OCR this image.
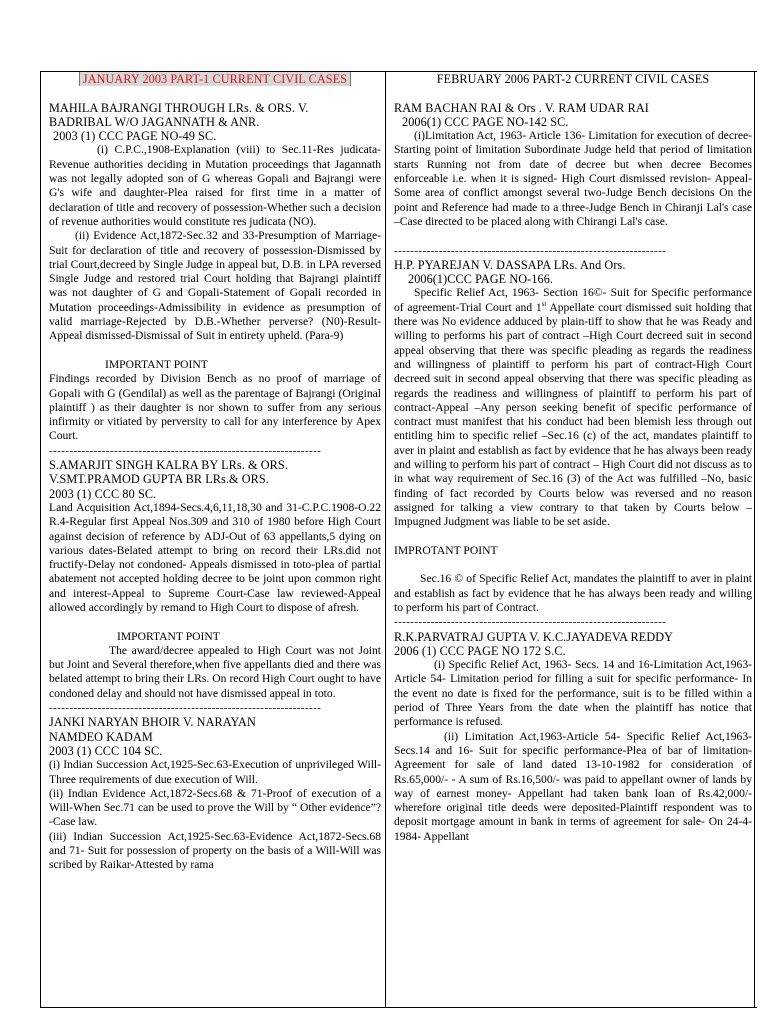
JANUARY 2003 PART-1 CURRENT CIVIL CASES

MAHILA BAJRANGI THROUGH LRs. & ORS. V.

BADRIBAL W/O JAGANNATH & ANR.

2003 (1) CCC PAGE NO-49 SC.

(i) C.P.C.,1908-Explanation (viii) to Sec.11-Res judicata-Revenue authorities deciding in Mutation proceedings that Jagannath was not legally adopted son of G whereas Gopali and Bajrangi were G's wife and daughter-Plea raised for first time in a matter of declaration of title and recovery of possession-Whether such a decision of revenue authorities would constitute res judicata (NO).

(ii) Evidence Act,1872-Sec.32 and 33-Presumption of Marriage-Suit for declaration of title and recovery of possession-Dismissed by trial Court,decreed by Single Judge in appeal but, D.B. in LPA reversed Single Judge and restored trial Court holding that Bajrangi plaintiff was not daughter of G and Gopali-Statement of Gopali recorded in Mutation proceedings-Admissibility in evidence as presumption of valid marriage-Rejected by D.B.-Whether perverse? (N0)-Result-Appeal dismissed-Dismissal of Suit in entirety upheld. (Para-9)

IMPORTANT POINT

Findings recorded by Division Bench as no proof of marriage of Gopali with G (Gendilal) as well as the parentage of Bajrangi (Original plaintiff ) as their daughter is nor shown to suffer from any serious infirmity or vitiated by perversity to call for any interference by Apex Court.

-------------------------------------------------------------------

S.AMARJIT SINGH KALRA BY LRs. & ORS.

V.SMT.PRAMOD GUPTA BR LRs.& ORS.

2003 (1) CCC 80 SC.

Land Acquisition Act,1894-Secs.4,6,11,18,30 and 31-C.P.C.1908-O.22 R.4-Regular first Appeal Nos.309 and 310 of 1980 before High Court against decision of reference by ADJ-Out of 63 appellants,5 dying on various dates-Belated attempt to bring on record their LRs.did not fructify-Delay not condoned- Appeals dismissed in toto-plea of partial abatement not accepted holding decree to be joint upon common right and interest-Appeal to Supreme Court-Case law reviewed-Appeal allowed accordingly by remand to High Court to dispose of afresh.

IMPORTANT POINT

The award/decree appealed to High Court was not Joint but Joint and Several therefore,when five appellants died and there was belated attempt to bring their LRs. On record High Court ought to have condoned delay and should not have dismissed appeal in toto.

-------------------------------------------------------------------

JANKI NARYAN BHOIR V. NARAYAN

NAMDEO KADAM

2003 (1) CCC 104 SC.

(i) Indian Succession Act,1925-Sec.63-Execution of unprivileged Will-Three requirements of due execution of Will.

(ii) Indian Evidence Act,1872-Secs.68 & 71-Proof of execution of a Will-When Sec.71 can be used to prove the Will by “ Other evidence”?-Case law.

(iii) Indian Succession Act,1925-Sec.63-Evidence Act,1872-Secs.68 and 71- Suit for possession of property on the basis of a Will-Will was scribed by Raikar-Attested by rama

FEBRUARY 2006 PART-2 CURRENT CIVIL CASES

RAM BACHAN RAI & Ors . V. RAM UDAR RAI

2006(1) CCC PAGE NO-142 SC.

(i)Limitation Act, 1963- Article 136- Limitation for execution of decree- Starting point of limitation Subordinate Judge held that period of limitation starts Running not from date of decree but when decree Becomes enforceable i.e. when it is signed- High Court dismissed revision- Appeal-Some area of conflict amongst several two-Judge Bench decisions On the point and Reference had made to a three-Judge Bench in Chiranji Lal's case –Case directed to be placed along with Chirangi Lal's case.

-------------------------------------------------------------------

H.P. PYAREJAN V. DASSAPA LRs. And Ors.

2006(1)CCC PAGE NO-166.

Specific Relief Act, 1963- Section 16©- Suit for Specific performance of agreement-Trial Court and 1st Appellate court dismissed suit holding that there was No evidence adduced by plain-tiff to show that he was Ready and willing to performs his part of contract –High Court decreed suit in second appeal observing that there was specific pleading as regards the readiness and willingness of plaintiff to perform his part of contract-High Court decreed suit in second appeal observing that there was specific pleading as regards the readiness and willingness of plaintiff to perform his part of contract-Appeal –Any person seeking benefit of specific performance of contract must manifest that his conduct had been blemish less through out entitling him to specific relief –Sec.16 (c) of the act, mandates plaintiff to aver in plaint and establish as fact by evidence that he has always been ready and willing to perform his part of contract – High Court did not discuss as to in what way requirement of Sec.16 (3) of the Act was fulfilled –No, basic finding of fact recorded by Courts below was reversed and no reason assigned for talking a view contrary to that taken by Courts below – Impugned Judgment was liable to be set aside.

IMPROTANT POINT

Sec.16 © of Specific Relief Act, mandates the plaintiff to aver in plaint and establish as fact by evidence that he has always been ready and willing to perform his part of Contract.

-------------------------------------------------------------------

R.K.PARVATRAJ GUPTA V. K.C.JAYADEVA REDDY

2006 (1) CCC PAGE NO 172 S.C.

(i) Specific Relief Act, 1963- Secs. 14 and 16-Limitation Act,1963- Article 54- Limitation period for filling a suit for specific performance- In the event no date is fixed for the performance, suit is to be filled within a period of Three Years from the date when the plaintiff has notice that performance is refused.

(ii) Limitation Act,1963-Article 54- Specific Relief Act,1963- Secs.14 and 16- Suit for specific performance-Plea of bar of limitation- Agreement for sale of land dated 13-10-1982 for consideration of Rs.65,000/- - A sum of Rs.16,500/- was paid to appellant owner of lands by way of earnest money- Appellant had taken bank loan of Rs.42,000/- wherefore original title deeds were deposited-Plaintiff respondent was to deposit mortgage amount in bank in terms of agreement for sale- On 24-4-1984- Appellant
